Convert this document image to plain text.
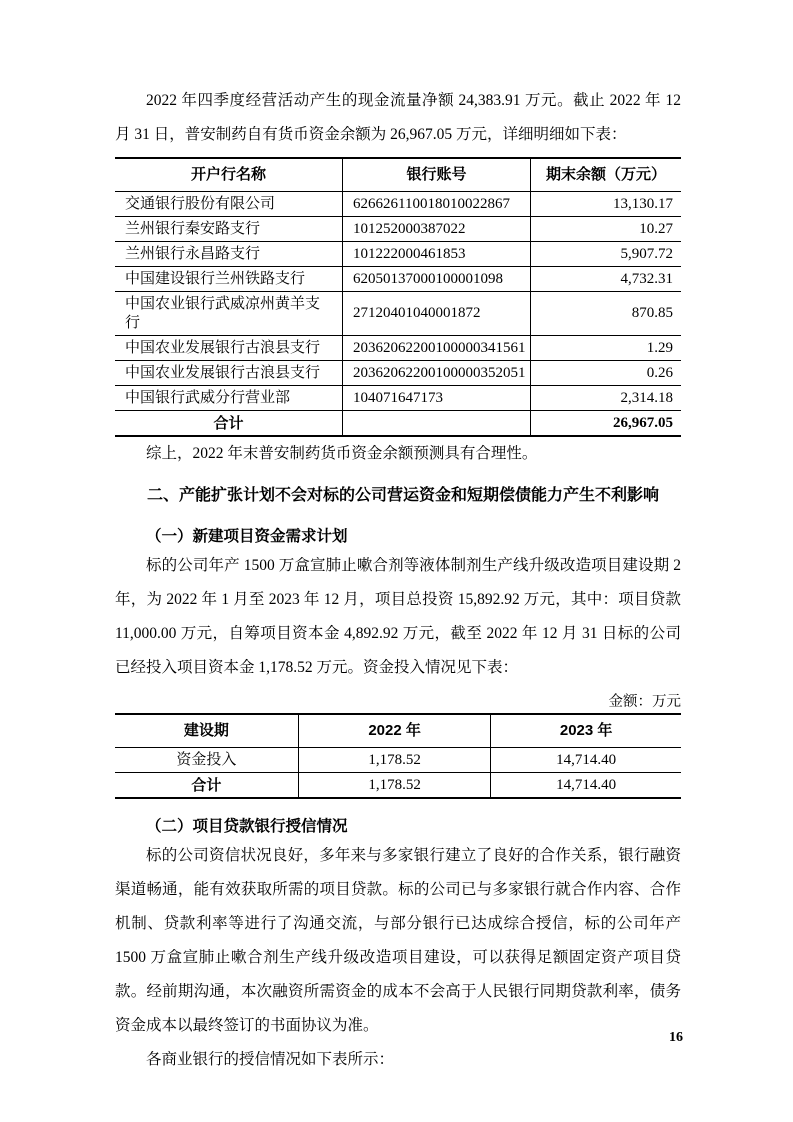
2022 年四季度经营活动产生的现金流量净额 24,383.91 万元。截止 2022 年 12 月 31 日，普安制药自有货币资金余额为 26,967.05 万元，详细明细如下表：

开户行名称	银行账号	期末余额（万元）
交通银行股份有限公司	626626110018010022867	13,130.17
兰州银行秦安路支行	101252000387022	10.27
兰州银行永昌路支行	101222000461853	5,907.72
中国建设银行兰州铁路支行	62050137000100001098	4,732.31
中国农业银行武威凉州黄羊支行	27120401040001872	870.85
中国农业发展银行古浪县支行	20362062200100000341561	1.29
中国农业发展银行古浪县支行	20362062200100000352051	0.26
中国银行武威分行营业部	104071647173	2,314.18
合计		26,967.05

综上，2022 年末普安制药货币资金余额预测具有合理性。

二、产能扩张计划不会对标的公司营运资金和短期偿债能力产生不利影响
（一）新建项目资金需求计划

标的公司年产 1500 万盒宣肺止嗽合剂等液体制剂生产线升级改造项目建设期 2 年，为 2022 年 1 月至 2023 年 12 月，项目总投资 15,892.92 万元，其中：项目贷款 11,000.00 万元，自筹项目资本金 4,892.92 万元，截至 2022 年 12 月 31 日标的公司已经投入项目资本金 1,178.52 万元。资金投入情况见下表：

金额：万元
建设期	2022 年	2023 年
资金投入	1,178.52	14,714.40
合计	1,178.52	14,714.40
（二）项目贷款银行授信情况

标的公司资信状况良好，多年来与多家银行建立了良好的合作关系，银行融资渠道畅通，能有效获取所需的项目贷款。标的公司已与多家银行就合作内容、合作机制、贷款利率等进行了沟通交流，与部分银行已达成综合授信，标的公司年产 1500 万盒宣肺止嗽合剂生产线升级改造项目建设，可以获得足额固定资产项目贷款。经前期沟通，本次融资所需资金的成本不会高于人民银行同期贷款利率，债务资金成本以最终签订的书面协议为准。

各商业银行的授信情况如下表所示：

16
